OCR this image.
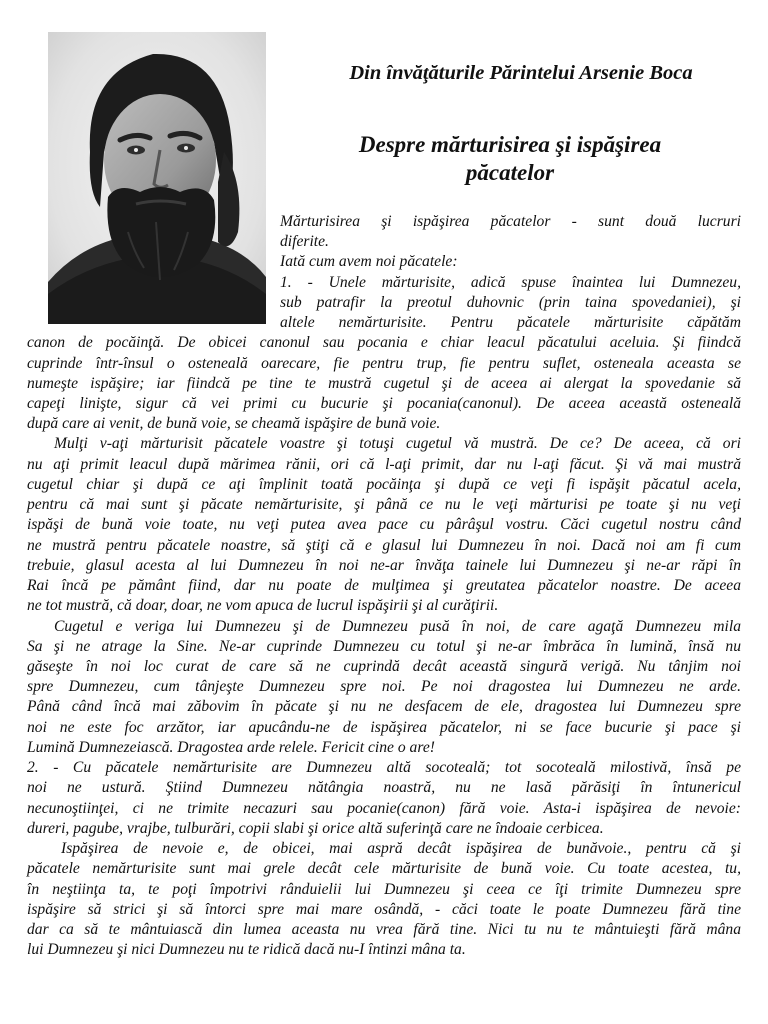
Din învăţăturile Părintelui Arsenie Boca
Despre mărturisirea şi ispăşirea
păcatelor
Mărturisirea şi ispăşirea păcatelor - sunt două lucruri
diferite.
Iată cum avem noi păcatele:
1. - Unele mărturisite, adică spuse înaintea lui Dumnezeu,
sub patrafir la preotul duhovnic (prin taina spovedaniei), şi
altele nemărturisite. Pentru păcatele mărturisite căpătăm
canon de pocăinţă. De obicei canonul sau pocania e chiar leacul păcatului aceluia. Şi fiindcă
cuprinde într-însul o osteneală oarecare, fie pentru trup, fie pentru suflet, osteneala aceasta se
numeşte ispăşire; iar fiindcă pe tine te mustră cugetul şi de aceea ai alergat la spovedanie să
capeţi linişte, sigur că vei primi cu bucurie şi pocania(canonul). De aceea această osteneală
după care ai venit, de bună voie, se cheamă ispăşire de bună voie.
Mulţi v-aţi mărturisit păcatele voastre şi totuşi cugetul vă mustră. De ce? De aceea, că ori
nu aţi primit leacul după mărimea rănii, ori că l-aţi primit, dar nu l-aţi făcut. Şi vă mai mustră
cugetul chiar şi după ce aţi împlinit toată pocăinţa şi după ce veţi fi ispăşit păcatul acela,
pentru că mai sunt şi păcate nemărturisite, şi până ce nu le veţi mărturisi pe toate şi nu veţi
ispăşi de bună voie toate, nu veţi putea avea pace cu pârâşul vostru. Căci cugetul nostru când
ne mustră pentru păcatele noastre, să ştiţi că e glasul lui Dumnezeu în noi. Dacă noi am fi cum
trebuie, glasul acesta al lui Dumnezeu în noi ne-ar învăţa tainele lui Dumnezeu şi ne-ar răpi în
Rai încă pe pământ fiind, dar nu poate de mulţimea şi greutatea păcatelor noastre. De aceea
ne tot mustră, că doar, doar, ne vom apuca de lucrul ispăşirii şi al curăţirii.
Cugetul e veriga lui Dumnezeu şi de Dumnezeu pusă în noi, de care agaţă Dumnezeu mila
Sa şi ne atrage la Sine. Ne-ar cuprinde Dumnezeu cu totul şi ne-ar îmbrăca în lumină, însă nu
găseşte în noi loc curat de care să ne cuprindă decât această singură verigă. Nu tânjim noi
spre Dumnezeu, cum tânjeşte Dumnezeu spre noi. Pe noi dragostea lui Dumnezeu ne arde.
Până când încă mai zăbovim în păcate şi nu ne desfacem de ele, dragostea lui Dumnezeu spre
noi ne este foc arzător, iar apucându-ne de ispăşirea păcatelor, ni se face bucurie şi pace şi
Lumină Dumnezeiască. Dragostea arde relele. Fericit cine o are!
2. - Cu păcatele nemărturisite are Dumnezeu altă socoteală; tot socoteală milostivă, însă pe
noi ne ustură. Ştiind Dumnezeu nătângia noastră, nu ne lasă părăsiţi în întunericul
necunoştiinţei, ci ne trimite necazuri sau pocanie(canon) fără voie. Asta-i ispăşirea de nevoie:
dureri, pagube, vrajbe, tulburări, copii slabi şi orice altă suferinţă care ne îndoaie cerbicea.
Ispăşirea de nevoie e, de obicei, mai aspră decât ispăşirea de bunăvoie., pentru că şi
păcatele nemărturisite sunt mai grele decât cele mărturisite de bună voie. Cu toate acestea, tu,
în neştiinţa ta, te poţi împotrivi rânduielii lui Dumnezeu şi ceea ce îţi trimite Dumnezeu spre
ispăşire să strici şi să întorci spre mai mare osândă, - căci toate le poate Dumnezeu fără tine
dar ca să te mântuiască din lumea aceasta nu vrea fără tine. Nici tu nu te mântuieşti fără mâna
lui Dumnezeu şi nici Dumnezeu nu te ridică dacă nu-I întinzi mâna ta.
